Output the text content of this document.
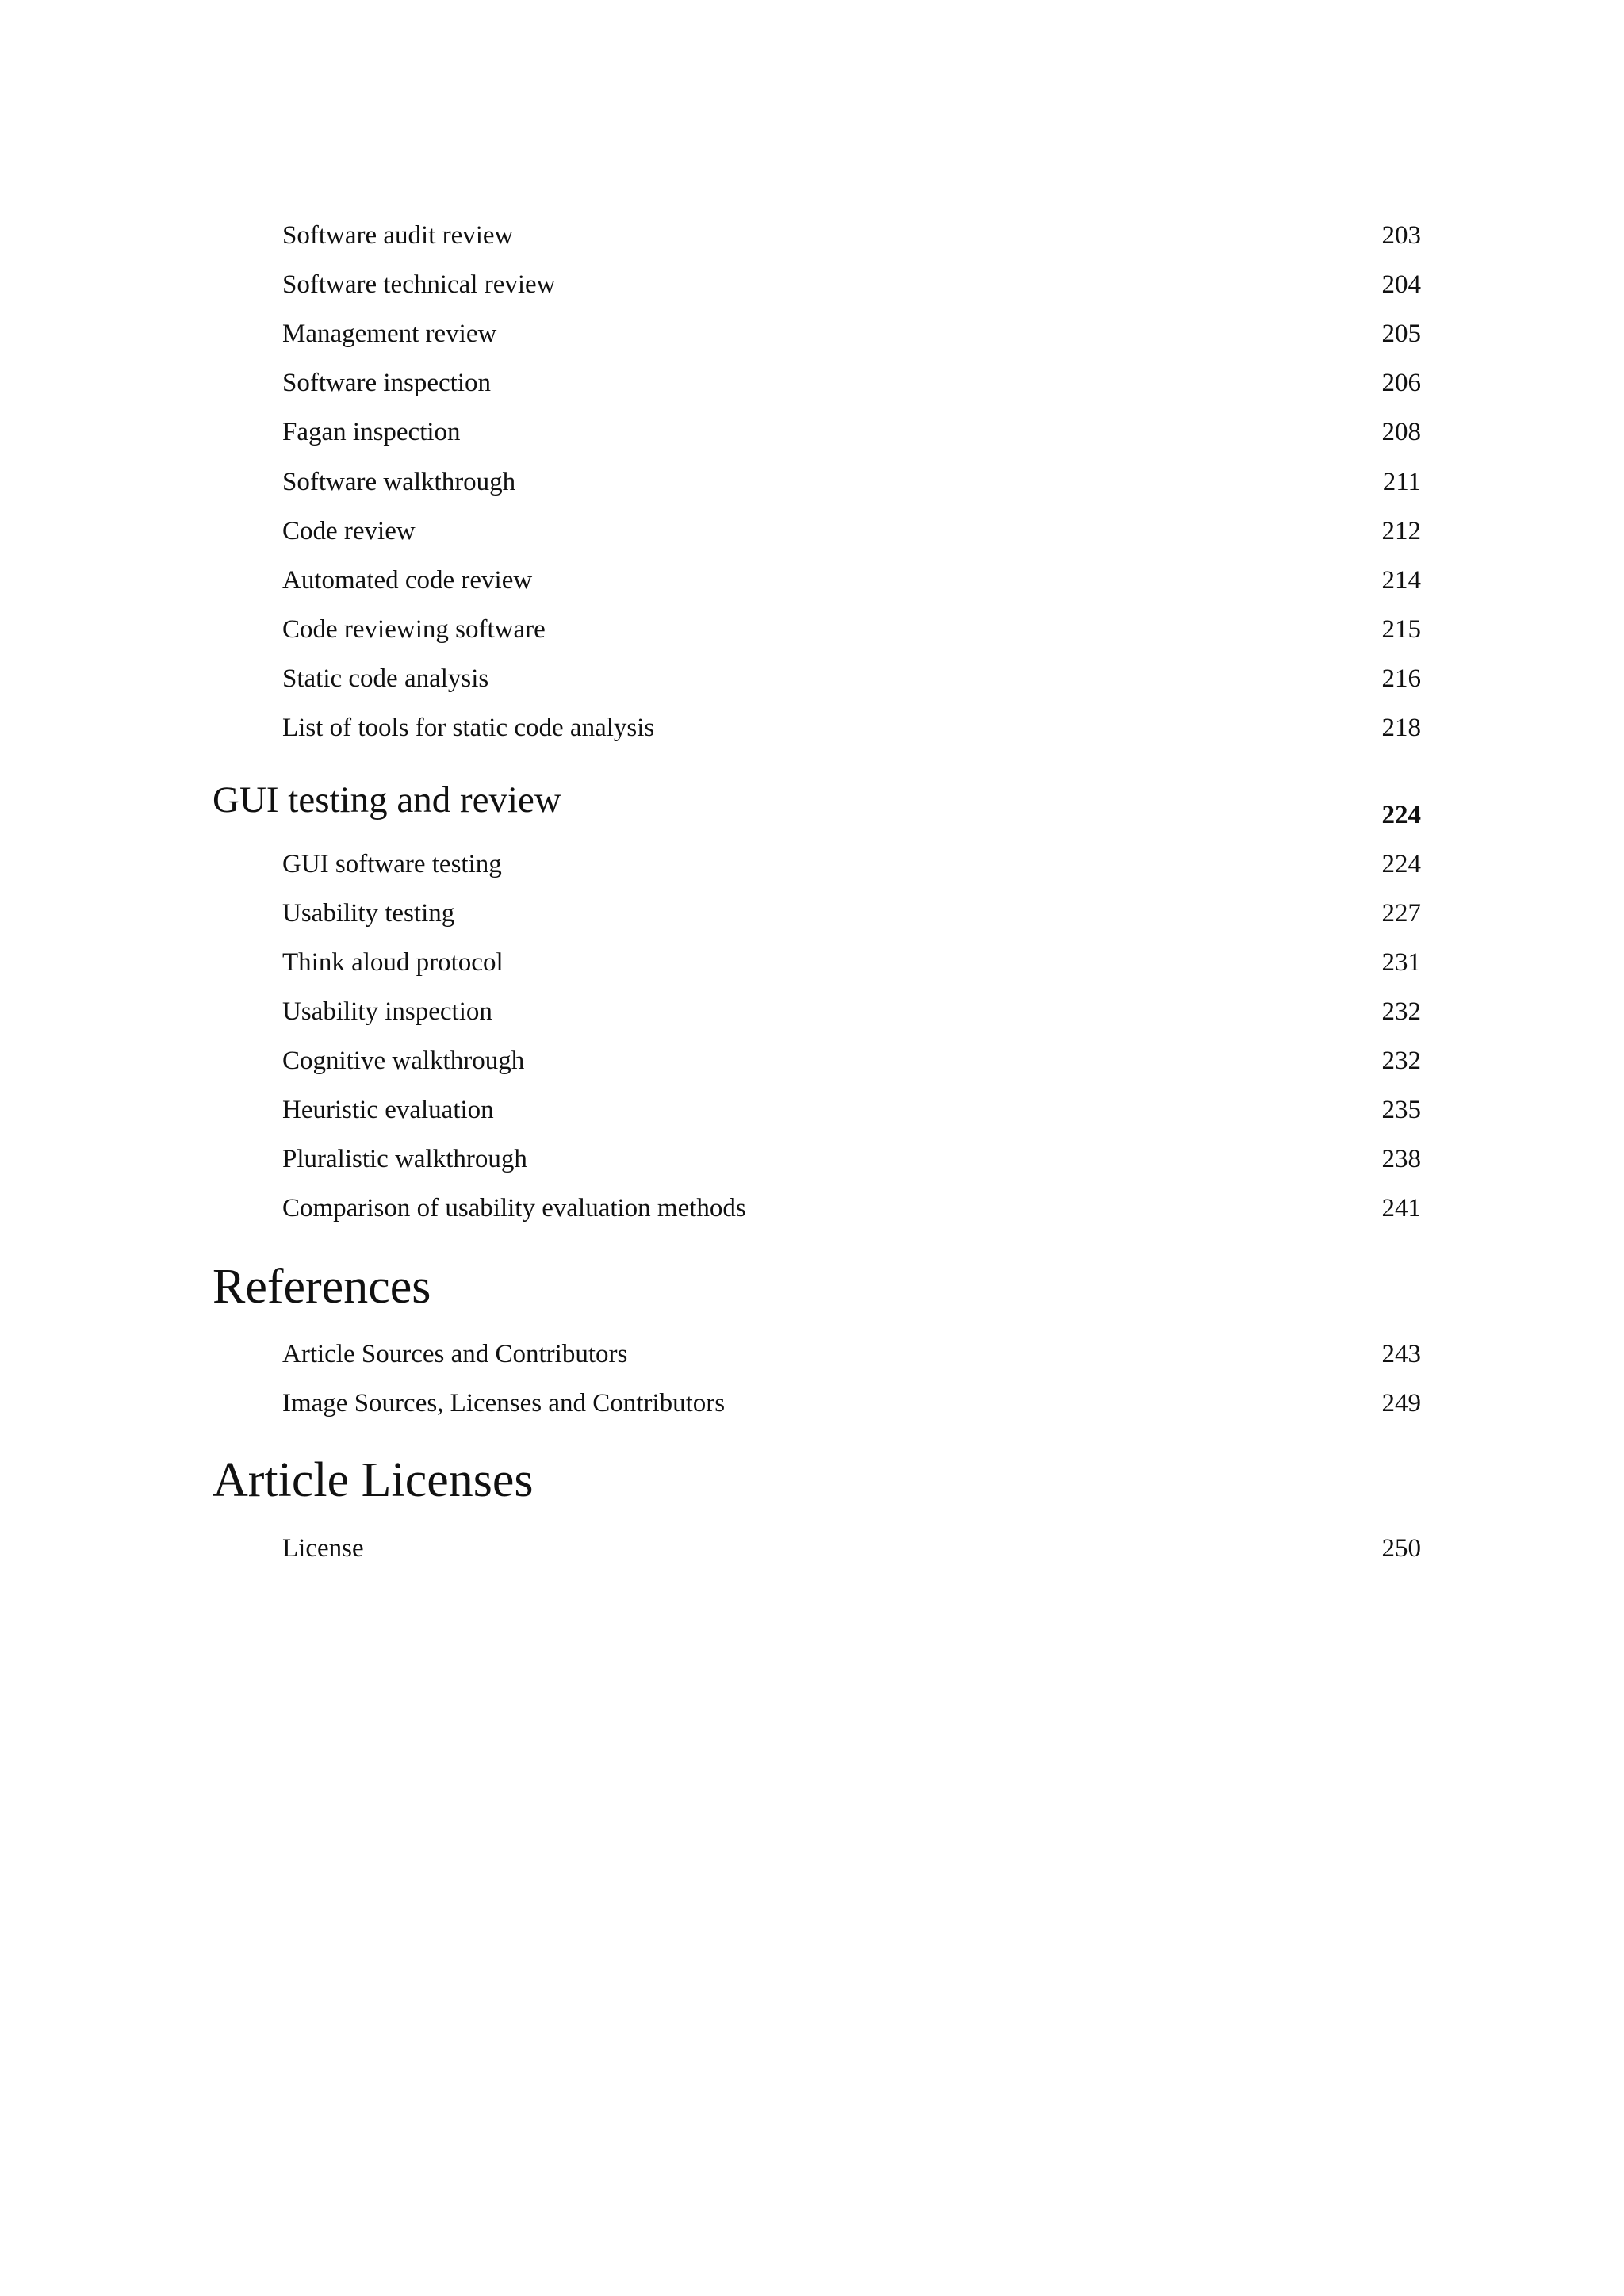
Software audit review	203
Software technical review	204
Management review	205
Software inspection	206
Fagan inspection	208
Software walkthrough	211
Code review	212
Automated code review	214
Code reviewing software	215
Static code analysis	216
List of tools for static code analysis	218
GUI testing and review	224
GUI software testing	224
Usability testing	227
Think aloud protocol	231
Usability inspection	232
Cognitive walkthrough	232
Heuristic evaluation	235
Pluralistic walkthrough	238
Comparison of usability evaluation methods	241
References
Article Sources and Contributors	243
Image Sources, Licenses and Contributors	249
Article Licenses
License	250
